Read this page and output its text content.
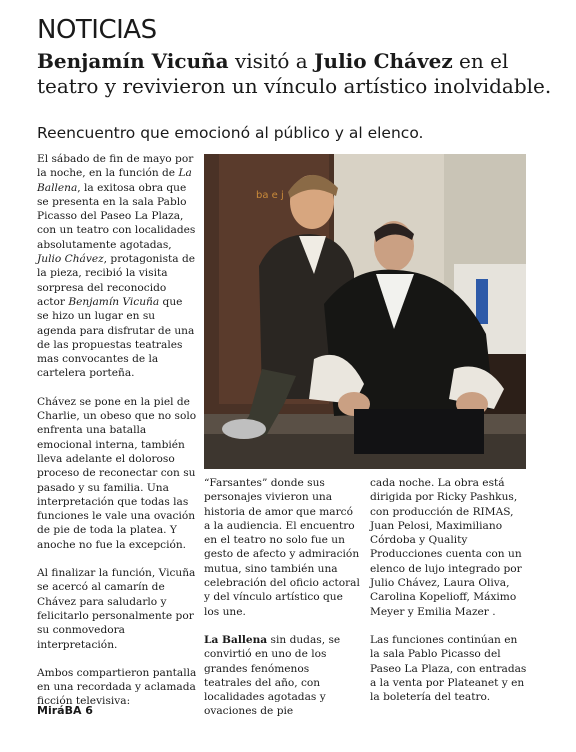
NOTICIAS
Benjamín Vicuña visitó a Julio Chávez en el teatro y revivieron un vínculo artístico inolvidable.

Reencuentro que emocionó al público y al elenco.

El sábado de fin de mayo por la noche, en la función de La Ballena, la exitosa obra que se presenta en la sala Pablo Picasso del Paseo La Plaza, con un teatro con localidades absolutamente agotadas, Julio Chávez, protagonista de la pieza, recibió la visita sorpresa del reconocido actor Benjamín Vicuña que se hizo un lugar en su agenda para disfrutar de una de las propuestas teatrales mas convocantes de la cartelera porteña.

Chávez se pone en la piel de Charlie, un obeso que no solo enfrenta una batalla emocional interna, también lleva adelante el doloroso proceso de reconectar con su pasado y su familia. Una interpretación que todas las funciones le vale una ovación de pie de toda la platea. Y anoche no fue la excepción.

Al finalizar la función, Vicuña se acercó al camarín de Chávez para saludarlo y felicitarlo personalmente por su conmovedora interpretación.

Ambos compartieron pantalla en una recordada y aclamada ficción televisiva:

ba e j

“Farsantes” donde sus personajes vivieron una historia de amor que marcó a la audiencia. El encuentro en el teatro no solo fue un gesto de afecto y admiración mutua, sino también una celebración del oficio actoral y del vínculo artístico que los une.

La Ballena sin dudas, se convirtió en uno de los grandes fenómenos teatrales del año, con localidades agotadas y ovaciones de pie

cada noche. La obra está dirigida por Ricky Pashkus, con producción de RIMAS, Juan Pelosi, Maximiliano Córdoba y Quality Producciones cuenta con un elenco de lujo integrado por Julio Chávez, Laura Oliva, Carolina Kopelioff, Máximo Meyer y Emilia Mazer .

Las funciones continúan en la sala Pablo Picasso del Paseo La Plaza, con entradas a la venta por Plateanet y en la boletería del teatro.

MiráBA 6
